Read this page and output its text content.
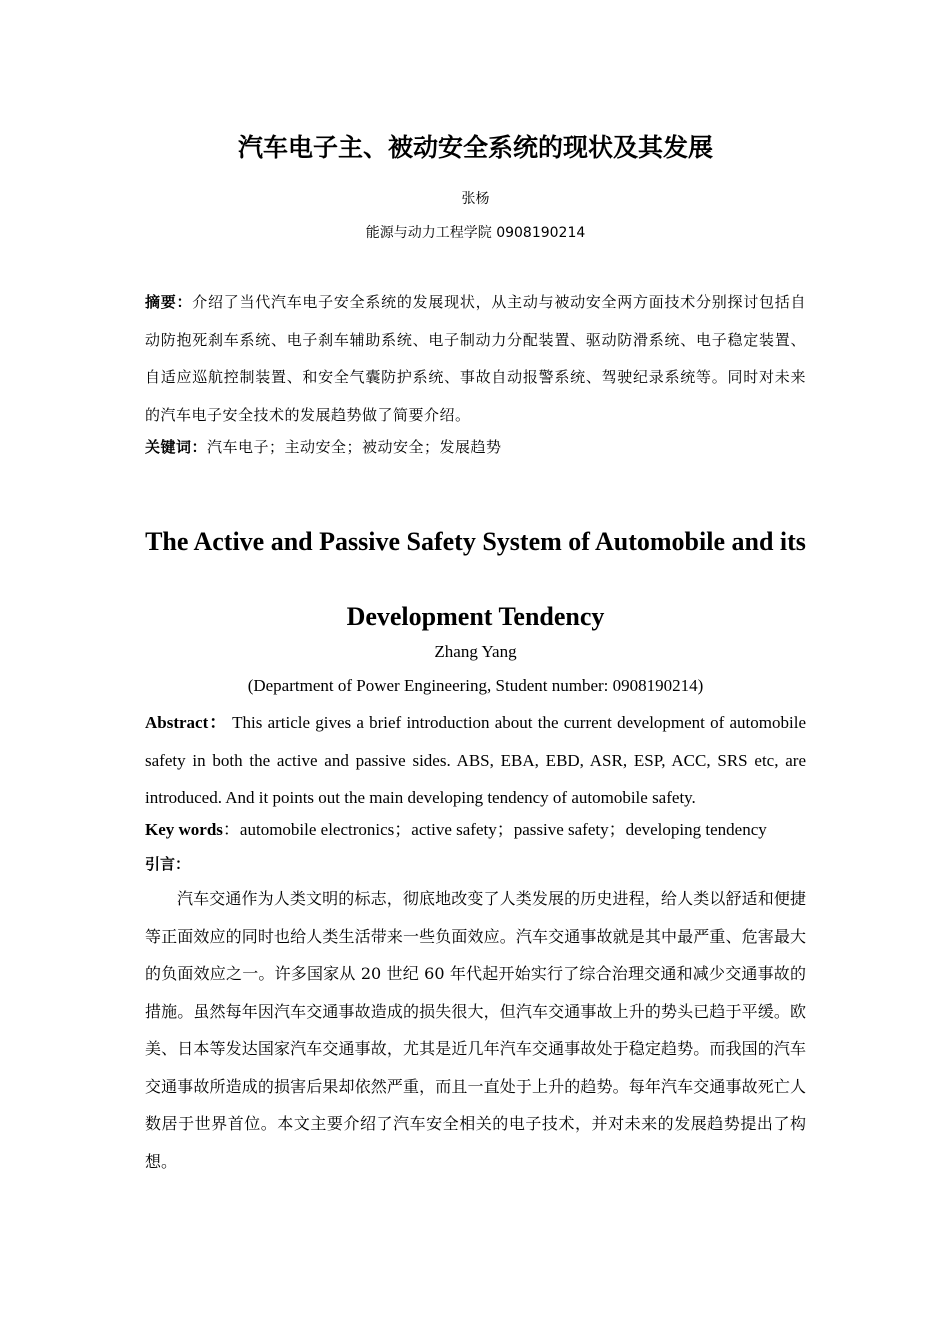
汽车电子主、被动安全系统的现状及其发展
张杨
能源与动力工程学院 0908190214
摘要：介绍了当代汽车电子安全系统的发展现状，从主动与被动安全两方面技术分别探讨包括自动防抱死刹车系统、电子刹车辅助系统、电子制动力分配装置、驱动防滑系统、电子稳定装置、自适应巡航控制装置、和安全气囊防护系统、事故自动报警系统、驾驶纪录系统等。同时对未来的汽车电子安全技术的发展趋势做了简要介绍。
关键词：汽车电子；主动安全；被动安全；发展趋势
The Active and Passive Safety System of Automobile and its
Development Tendency
Zhang Yang
(Department of Power Engineering, Student number: 0908190214)
Abstract： This article gives a brief introduction about the current development of automobile safety in both the active and passive sides. ABS, EBA, EBD, ASR, ESP, ACC, SRS etc, are introduced. And it points out the main developing tendency of automobile safety.
Key words：automobile electronics；active safety；passive safety；developing tendency
引言：
汽车交通作为人类文明的标志，彻底地改变了人类发展的历史进程，给人类以舒适和便捷等正面效应的同时也给人类生活带来一些负面效应。汽车交通事故就是其中最严重、危害最大的负面效应之一。许多国家从 20 世纪 60 年代起开始实行了综合治理交通和减少交通事故的措施。虽然每年因汽车交通事故造成的损失很大，但汽车交通事故上升的势头已趋于平缓。欧美、日本等发达国家汽车交通事故，尤其是近几年汽车交通事故处于稳定趋势。而我国的汽车交通事故所造成的损害后果却依然严重，而且一直处于上升的趋势。每年汽车交通事故死亡人数居于世界首位。本文主要介绍了汽车安全相关的电子技术，并对未来的发展趋势提出了构想。
